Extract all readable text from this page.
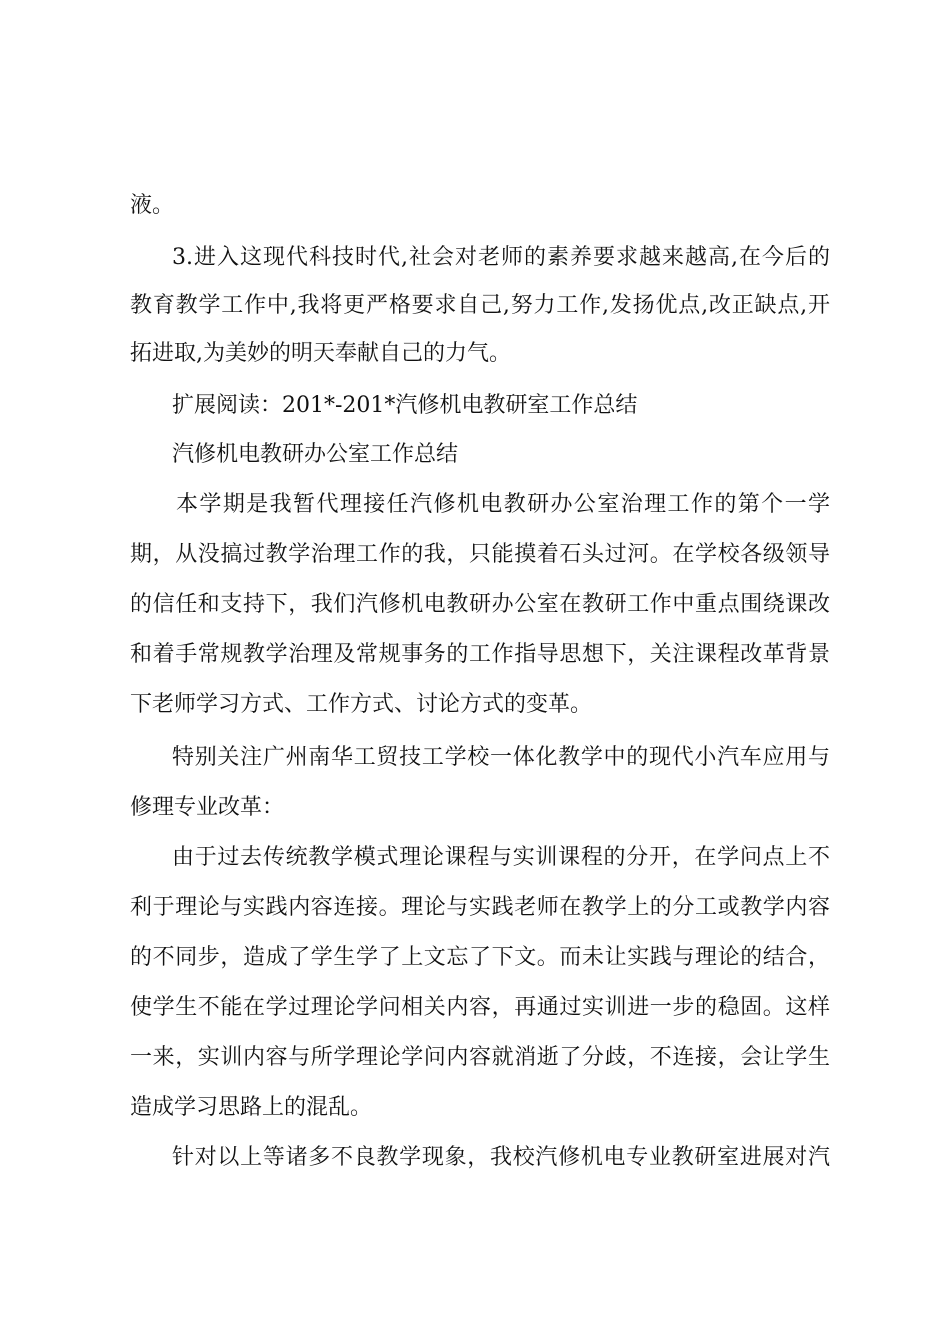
液。
3.进入这现代科技时代,社会对老师的素养要求越来越高,在今后的
教育教学工作中,我将更严格要求自己,努力工作,发扬优点,改正缺点,开
拓进取,为美妙的明天奉献自己的力气。
扩展阅读：201*-201*汽修机电教研室工作总结
汽修机电教研办公室工作总结
本学期是我暂代理接任汽修机电教研办公室治理工作的第个一学
期，从没搞过教学治理工作的我，只能摸着石头过河。在学校各级领导
的信任和支持下，我们汽修机电教研办公室在教研工作中重点围绕课改
和着手常规教学治理及常规事务的工作指导思想下，关注课程改革背景
下老师学习方式、工作方式、讨论方式的变革。
特别关注广州南华工贸技工学校一体化教学中的现代小汽车应用与
修理专业改革：
由于过去传统教学模式理论课程与实训课程的分开，在学问点上不
利于理论与实践内容连接。理论与实践老师在教学上的分工或教学内容
的不同步，造成了学生学了上文忘了下文。而未让实践与理论的结合，
使学生不能在学过理论学问相关内容，再通过实训进一步的稳固。这样
一来，实训内容与所学理论学问内容就消逝了分歧，不连接，会让学生
造成学习思路上的混乱。
针对以上等诸多不良教学现象，我校汽修机电专业教研室进展对汽
